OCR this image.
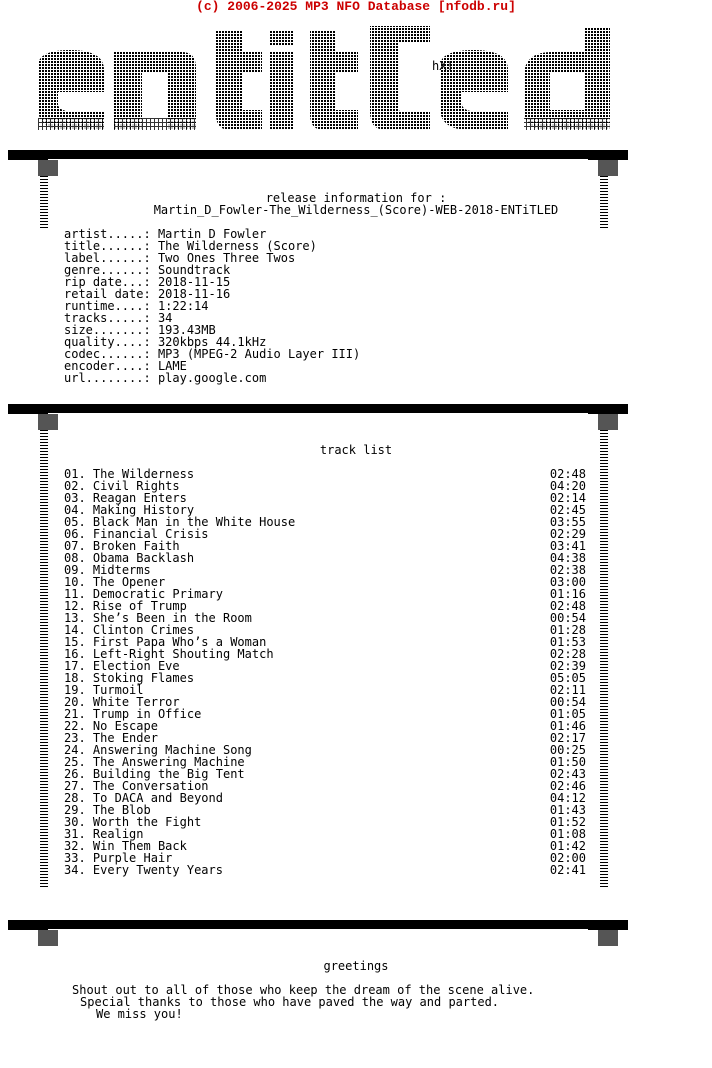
(c) 2006-2025 MP3 NFO Database [nfodb.ru]
hX!
release information for :
Martin_D_Fowler-The_Wilderness_(Score)-WEB-2018-ENTiTLED
artist.....: Martin D Fowler
title......: The Wilderness (Score)
label......: Two Ones Three Twos
genre......: Soundtrack
rip date...: 2018-11-15
retail date: 2018-11-16
runtime....: 1:22:14
tracks.....: 34
size.......: 193.43MB
quality....: 320kbps 44.1kHz
codec......: MP3 (MPEG-2 Audio Layer III)
encoder....: LAME
url........: play.google.com
track list
01. The Wilderness	02:48
02. Civil Rights	04:20
03. Reagan Enters	02:14
04. Making History	02:45
05. Black Man in the White House	03:55
06. Financial Crisis	02:29
07. Broken Faith	03:41
08. Obama Backlash	04:38
09. Midterms	02:38
10. The Opener	03:00
11. Democratic Primary	01:16
12. Rise of Trump	02:48
13. She’s Been in the Room	00:54
14. Clinton Crimes	01:28
15. First Papa Who’s a Woman	01:53
16. Left-Right Shouting Match	02:28
17. Election Eve	02:39
18. Stoking Flames	05:05
19. Turmoil	02:11
20. White Terror	00:54
21. Trump in Office	01:05
22. No Escape	01:46
23. The Ender	02:17
24. Answering Machine Song	00:25
25. The Answering Machine	01:50
26. Building the Big Tent	02:43
27. The Conversation	02:46
28. To DACA and Beyond	04:12
29. The Blob	01:43
30. Worth the Fight	01:52
31. Realign	01:08
32. Win Them Back	01:42
33. Purple Hair	02:00
34. Every Twenty Years	02:41
greetings
Shout out to all of those who keep the dream of the scene alive.
Special thanks to those who have paved the way and parted.
We miss you!
